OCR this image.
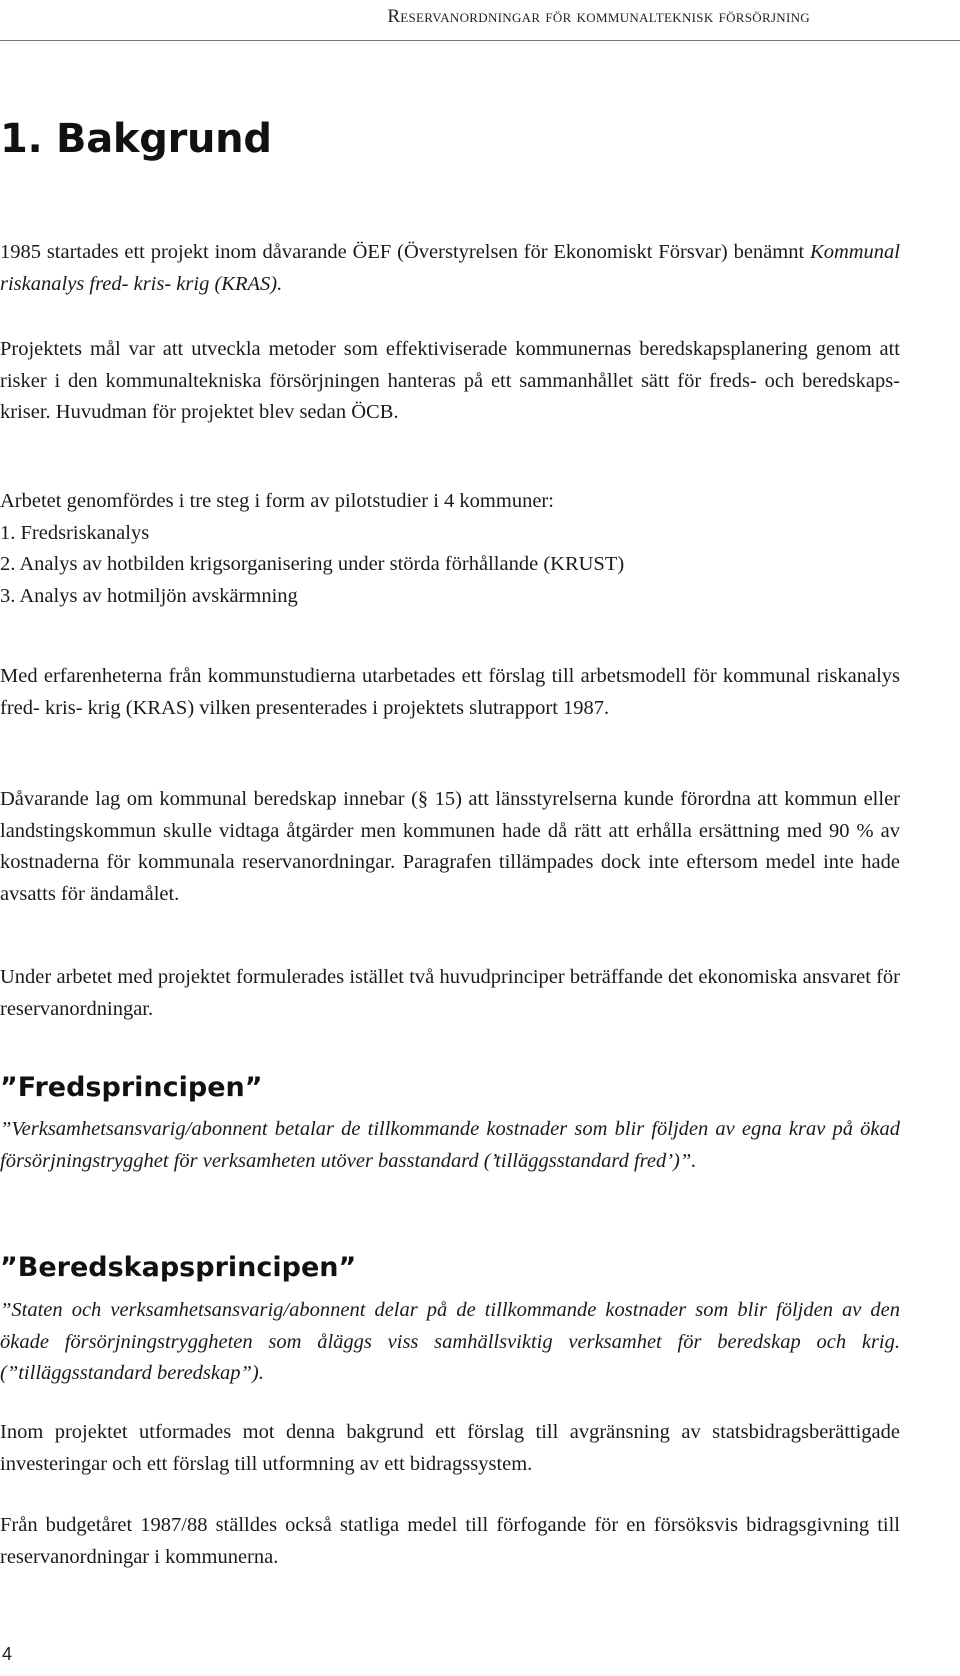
Reservanordningar för kommunalteknisk försörjning
1. Bakgrund

1985 startades ett projekt inom dåvarande ÖEF (Överstyrelsen för Ekonomiskt Försvar) benämnt Kommunal riskanalys fred- kris- krig (KRAS).

Projektets mål var att utveckla metoder som effektiviserade kommunernas beredskapsplanering genom att risker i den kommunaltekniska försörjningen hanteras på ett sammanhållet sätt för freds- och beredskaps-kriser. Huvudman för projektet blev sedan ÖCB.

Arbetet genomfördes i tre steg i form av pilotstudier i 4 kommuner:
1. Fredsriskanalys
2. Analys av hotbilden krigsorganisering under störda förhållande (KRUST)
3. Analys av hotmiljön avskärmning

Med erfarenheterna från kommunstudierna utarbetades ett förslag till arbetsmodell för kommunal riskanalys fred- kris- krig (KRAS) vilken presenterades i projektets slutrapport 1987.

Dåvarande lag om kommunal beredskap innebar (§ 15) att länsstyrelserna kunde förordna att kommun eller landstingskommun skulle vidtaga åtgärder men kommunen hade då rätt att erhålla ersättning med 90 % av kostnaderna för kommunala reservanordningar. Paragrafen tillämpades dock inte eftersom medel inte hade avsatts för ändamålet.

Under arbetet med projektet formulerades istället två huvudprinciper beträffande det ekonomiska ansvaret för reservanordningar.

”Fredsprincipen”

”Verksamhetsansvarig/abonnent betalar de tillkommande kostnader som blir följden av egna krav på ökad försörjningstrygghet för verksamheten utöver basstandard (’tilläggsstandard fred’)”.

”Beredskapsprincipen”

”Staten och verksamhetsansvarig/abonnent delar på de tillkommande kostnader som blir följden av den ökade försörjningstryggheten som åläggs viss samhällsviktig verksamhet för beredskap och krig. (”tilläggsstandard beredskap”).

Inom projektet utformades mot denna bakgrund ett förslag till avgränsning av statsbidragsberättigade investeringar och ett förslag till utformning av ett bidragssystem.

Från budgetåret 1987/88 ställdes också statliga medel till förfogande för en försöksvis bidragsgivning till reservanordningar i kommunerna.

4
